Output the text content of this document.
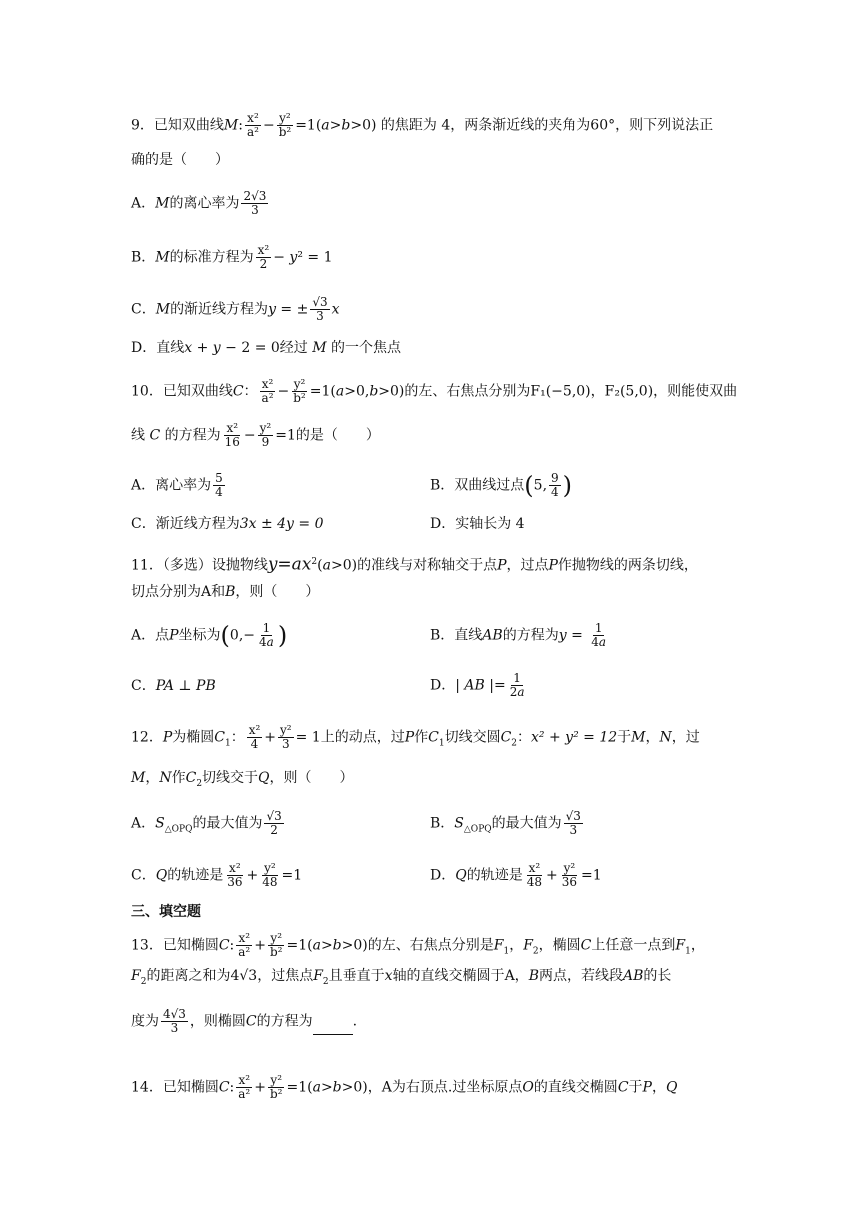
9．已知双曲线M: $\frac{\text{x²}}{\text{a²}} - \frac{\text{y²}}{\text{b²}} =1(a>b>0)$ 的焦距为 4，两条渐近线的夹角为60°，则下列说法正
确的是（　　）
A．M的离心率为 $\frac{2√3}{3}$
B．M的标准方程为 $\frac{\text{x²}}{2} - y^2 = 1$
C．M的渐近线方程为y = ± $\frac{√3}{3}$ x
D．直线x + y − 2 = 0经过 M 的一个焦点
10．已知双曲线C： $\frac{\text{x²}}{\text{a²}} - \frac{\text{y²}}{\text{b²}} =1(a>0,b>0)$的左、右焦点分别为F₁(−5,0)，F₂(5,0)，则能使双曲
线 C 的方程为 $\frac{\text{x²}}{16} - \frac{\text{y²}}{9} =1$的是（　　）
A．离心率为 $\frac{5}{4}$	B．双曲线过点(5, $\frac{9}{4}$ )
C．渐近线方程为3x ± 4y = 0	D．实轴长为 4
11．（多选）设抛物线$y=ax^2(a>0)$的准线与对称轴交于点P，过点P作抛物线的两条切线，
切点分别为A和B，则（　　）
A．点P坐标为($0,- \frac{1}{4a}$ )	B．直线AB的方程为$y = \frac{1}{4a}$
C．PA ⊥ PB	D．| AB |= $\frac{1}{2a}$
12．P为椭圆$C_1$： $\frac{\text{x²}}{4} + \frac{\text{y²}}{3} = 1$上的动点，过P作$C_1$切线交圆$C_2$：x² + y² = 12于M，N，过
M，N作$C_2$切线交于Q，则（　　）
A．$S_{\triangle OPQ}$的最大值为 $\frac{√3}{2}$	B．$S_{\triangle OPQ}$的最大值为 $\frac{√3}{3}$
C．Q的轨迹是 $\frac{\text{x²}}{36} + \frac{\text{y²}}{48} =1$	D．Q的轨迹是 $\frac{\text{x²}}{48} + \frac{\text{y²}}{36} =1$
三、填空题
13．已知椭圆C: $\frac{\text{x²}}{\text{a²}} + \frac{\text{y²}}{\text{b²}} =1(a>b>0)$的左、右焦点分别是$F_1$，$F_2$，椭圆C上任意一点到$F_1$，
$F_2$的距离之和为4√3，过焦点$F_2$且垂直于x轴的直线交椭圆于A，B两点，若线段AB的长
度为 $\frac{4√3}{3}$ ，则椭圆C的方程为	.
14．已知椭圆C: $\frac{\text{x²}}{\text{a²}} + \frac{\text{y²}}{\text{b²}} =1(a>b>0)$，A为右顶点.过坐标原点O的直线交椭圆C于P，Q
